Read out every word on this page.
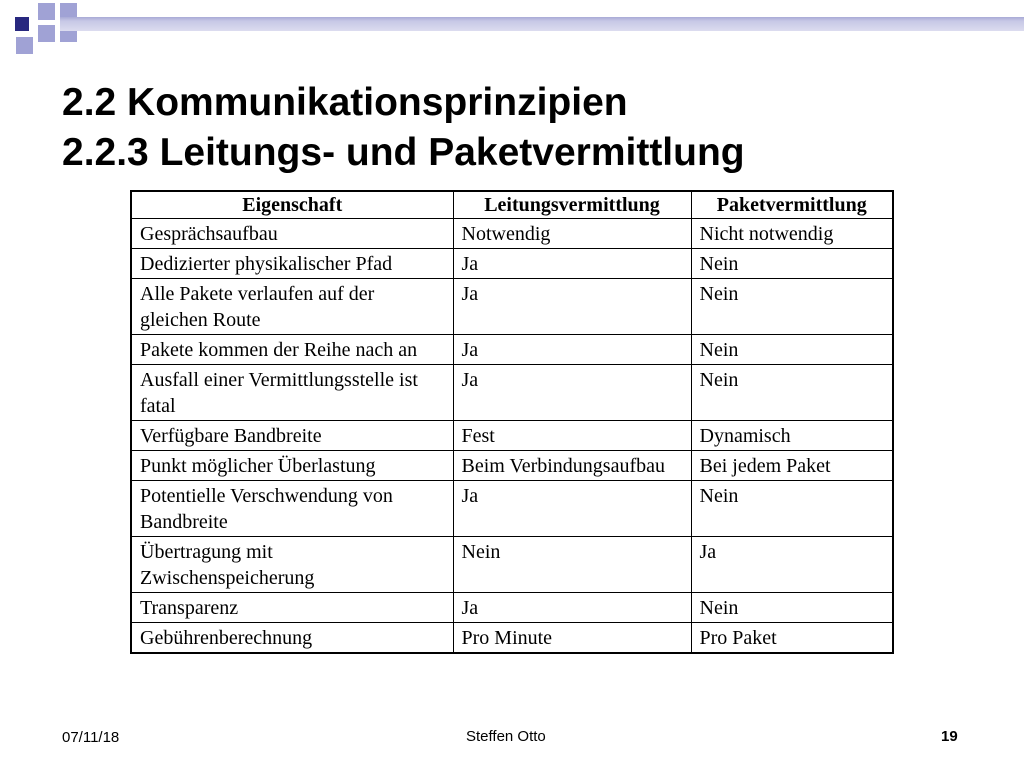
2.2 Kommunikationsprinzipien
2.2.3 Leitungs- und Paketvermittlung
Eigenschaft	Leitungsvermittlung	Paketvermittlung
Gesprächsaufbau	Notwendig	Nicht notwendig
Dedizierter physikalischer Pfad	Ja	Nein
Alle Pakete verlaufen auf der gleichen Route	Ja	Nein
Pakete kommen der Reihe nach an	Ja	Nein
Ausfall einer Vermittlungsstelle ist fatal	Ja	Nein
Verfügbare Bandbreite	Fest	Dynamisch
Punkt möglicher Überlastung	Beim Verbindungsaufbau	Bei jedem Paket
Potentielle Verschwendung von Bandbreite	Ja	Nein
Übertragung mit Zwischenspeicherung	Nein	Ja
Transparenz	Ja	Nein
Gebührenberechnung	Pro Minute	Pro Paket
07/11/18	Steffen Otto	19
